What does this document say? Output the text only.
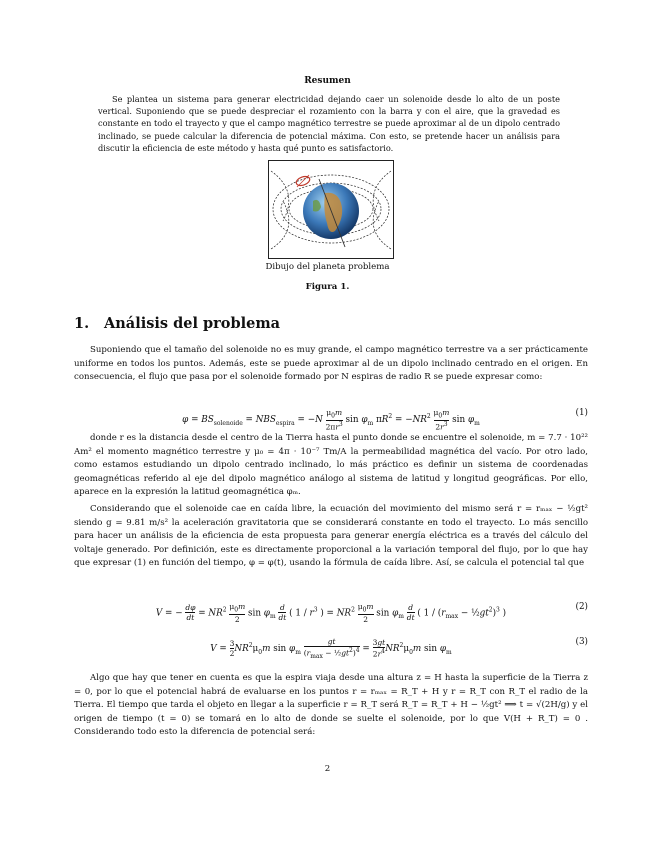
Resumen
Se plantea un sistema para generar electricidad dejando caer un solenoide desde lo alto de un poste vertical. Suponiendo que se puede despreciar el rozamiento con la barra y con el aire, que la gravedad es constante en todo el trayecto y que el campo magnético terrestre se puede aproximar al de un dipolo centrado inclinado, se puede calcular la diferencia de potencial máxima. Con esto, se pretende hacer un análisis para discutir la eficiencia de este método y hasta qué punto es satisfactorio.
Dibujo del planeta problema
Figura 1.
1. Análisis del problema
Suponiendo que el tamaño del solenoide no es muy grande, el campo magnético terrestre va a ser prácticamente uniforme en todos los puntos. Además, este se puede aproximar al de un dipolo inclinado centrado en el origen. En consecuencia, el flujo que pasa por el solenoide formado por N espiras de radio R se puede expresar como:
$\varphi = BS_{solenoide} = NBS_{espira} = -N \frac{\mu_0m}{2\pi r^3}$ $\sin \varphi_m$ $\pi R^2 = -NR^2 \frac{\mu_0m}{2r^3}$ $\sin \varphi_m$
(1)
donde r es la distancia desde el centro de la Tierra hasta el punto donde se encuentre el solenoide, m = 7.7 · 10²² Am² el momento magnético terrestre y μ₀ = 4π · 10⁻⁷ Tm/A la permeabilidad magnética del vacío. Por otro lado, como estamos estudiando un dipolo centrado inclinado, lo más práctico es definir un sistema de coordenadas geomagnéticas referido al eje del dipolo magnético análogo al sistema de latitud y longitud geográficas. Por ello, aparece en la expresión la latitud geomagnética φₘ.
Considerando que el solenoide cae en caída libre, la ecuación del movimiento del mismo será r = rₘₐₓ − ½gt² siendo g = 9.81 m/s² la aceleración gravitatoria que se considerará constante en todo el trayecto. Lo más sencillo para hacer un análisis de la eficiencia de esta propuesta para generar energía eléctrica es a través del cálculo del voltaje generado. Por definición, este es directamente proporcional a la variación temporal del flujo, por lo que hay que expresar (1) en función del tiempo, φ = φ(t), usando la fórmula de caída libre. Así, se calcula el potencial tal que
V = − $\frac{d\varphi}{dt} = NR^2 \frac{\mu_0m}{2}$ $\sin \varphi_m \frac{d}{dt}$ ( $1 / r^3$ ) = $NR^2 \frac{\mu_0m}{2}$ $\sin \varphi_m \frac{d}{dt}$ ( $1 / (r_{max}$ − $\frac{1}{2}gt^2)^3$ )
(2)
$V = \frac{3}{2} NR^2\mu_0m$ $\sin \varphi_m$
gt
($r_{max}$ − $\frac{1}{2}gt^2)^4 = \frac{3gt}{2r^4} NR^2\mu_0m$ $\sin \varphi_m$
(3)
Algo que hay que tener en cuenta es que la espira viaja desde una altura z = H hasta la superficie de la Tierra z = 0, por lo que el potencial habrá de evaluarse en los puntos r = rₘₐₓ = R_T + H y r = R_T con R_T el radio de la Tierra. El tiempo que tarda el objeto en llegar a la superficie r = R_T será R_T = R_T + H − ½gt² ⟹ t = √(2H/g) y el origen de tiempo (t = 0) se tomará en lo alto de donde se suelte el solenoide, por lo que V(H + R_T) = 0 . Considerando todo esto la diferencia de potencial será:
2
